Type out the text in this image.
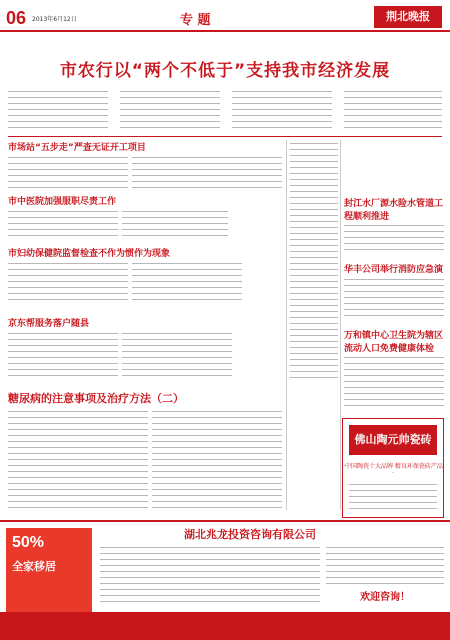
06 2013年6月12日	专 题	荆北晚报
市农行以“两个不低于”支持我市经济发展
市场站“五步走”严查无证开工项目
市中医院加强服职尽责工作
市妇幼保健院监督检查不作为惯作为现象
京东帮服务落户随县
封江水厂源水险水管道工程顺利推进
华丰公司举行消防应急演
万和镇中心卫生院为辖区流动人口免费健康体检
糖尿病的注意事项及治疗方法（二）
佛山陶元帅瓷砖
·中国陶瓷十大品牌 精良环保瓷砖产品·
50%
全家移居
湖北兆龙投资咨询有限公司
欢迎咨询！
